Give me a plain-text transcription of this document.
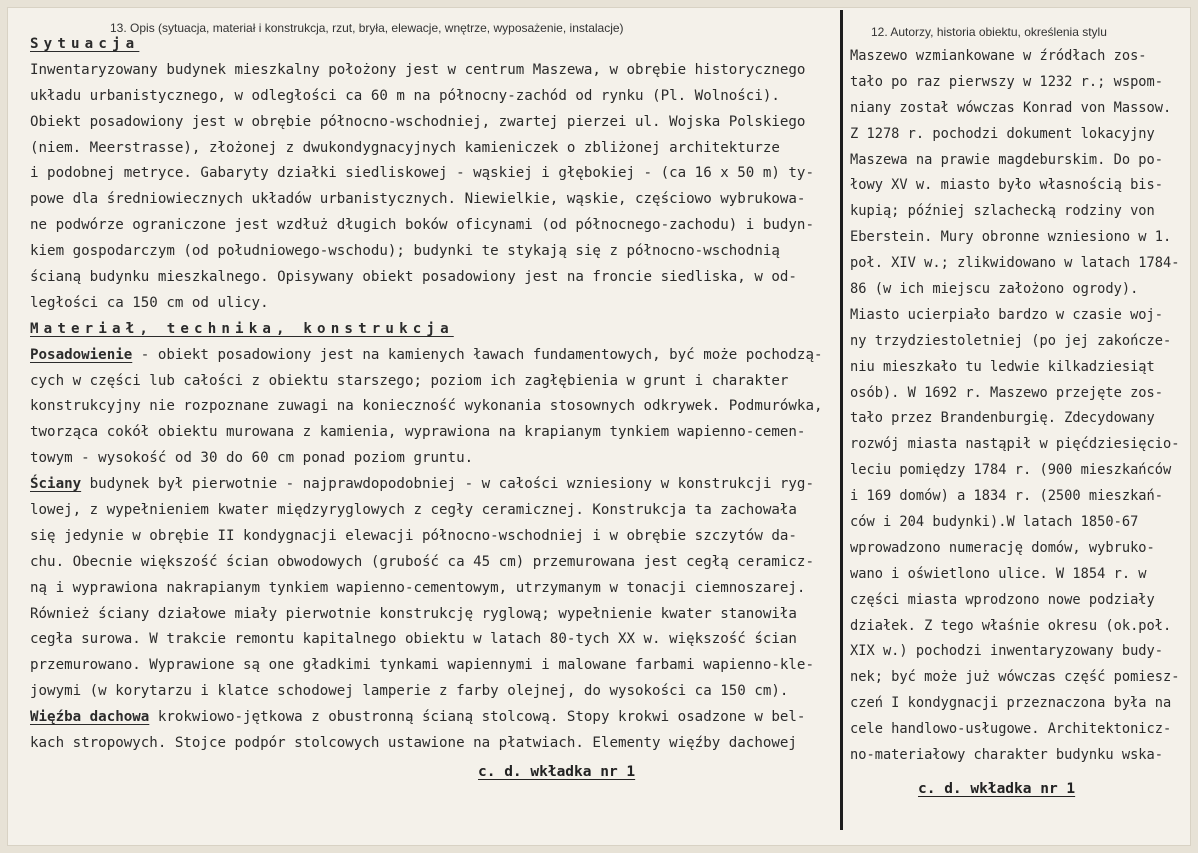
13. Opis (sytuacja, materiał i konstrukcja, rzut, bryła, elewacje, wnętrze, wyposażenie, instalacje)
Sytuacja
Inwentaryzowany budynek mieszkalny położony jest w centrum Maszewa, w obrębie historycznego
układu urbanistycznego, w odległości ca 60 m na północny-zachód od rynku (Pl. Wolności).
Obiekt posadowiony jest w obrębie północno-wschodniej, zwartej pierzei ul. Wojska Polskiego
(niem. Meerstrasse), złożonej z dwukondygnacyjnych kamieniczek o zbliżonej architekturze
i podobnej metryce. Gabaryty działki siedliskowej - wąskiej i głębokiej - (ca 16 x 50 m) ty-
powe dla średniowiecznych układów urbanistycznych. Niewielkie, wąskie, częściowo wybrukowa-
ne podwórze ograniczone jest wzdłuż długich boków oficynami (od północnego-zachodu) i budyn-
kiem gospodarczym (od południowego-wschodu); budynki te stykają się z północno-wschodnią
ścianą budynku mieszkalnego. Opisywany obiekt posadowiony jest na froncie siedliska, w od-
ległości ca 150 cm od ulicy.
Materiał, technika, konstrukcja
Posadowienie - obiekt posadowiony jest na kamienych ławach fundamentowych, być może pochodzą-
cych w części lub całości z obiektu starszego; poziom ich zagłębienia w grunt i charakter
konstrukcyjny nie rozpoznane zuwagi na konieczność wykonania stosownych odkrywek. Podmurówka,
tworząca cokół obiektu murowana z kamienia, wyprawiona na krapianym tynkiem wapienno-cemen-
towym - wysokość od 30 do 60 cm ponad poziom gruntu.
Ściany budynek był pierwotnie - najprawdopodobniej - w całości wzniesiony w konstrukcji ryg-
lowej, z wypełnieniem kwater międzyryglowych z cegły ceramicznej. Konstrukcja ta zachowała
się jedynie w obrębie II kondygnacji elewacji północno-wschodniej i w obrębie szczytów da-
chu. Obecnie większość ścian obwodowych (grubość ca 45 cm) przemurowana jest cegłą ceramicz-
ną i wyprawiona nakrapianym tynkiem wapienno-cementowym, utrzymanym w tonacji ciemnoszarej.
Również ściany działowe miały pierwotnie konstrukcję ryglową; wypełnienie kwater stanowiła
cegła surowa. W trakcie remontu kapitalnego obiektu w latach 80-tych XX w. większość ścian
przemurowano. Wyprawione są one gładkimi tynkami wapiennymi i malowane farbami wapienno-kle-
jowymi (w korytarzu i klatce schodowej lamperie z farby olejnej, do wysokości ca 150 cm).
Więźba dachowa krokwiowo-jętkowa z obustronną ścianą stolcową. Stopy krokwi osadzone w bel-
kach stropowych. Stojce podpór stolcowych ustawione na płatwiach. Elementy więźby dachowej
c. d. wkładka nr 1
12. Autorzy, historia obiektu, określenia stylu
Maszewo wzmiankowane w źródłach zos-
tało po raz pierwszy w 1232 r.; wspom-
niany został wówczas Konrad von Massow.
Z 1278 r. pochodzi dokument lokacyjny
Maszewa na prawie magdeburskim. Do po-
łowy XV w. miasto było własnością bis-
kupią; później szlachecką rodziny von
Eberstein. Mury obronne wzniesiono w 1.
poł. XIV w.; zlikwidowano w latach 1784-
86 (w ich miejscu założono ogrody).
Miasto ucierpiało bardzo w czasie woj-
ny trzydziestoletniej (po jej zakończe-
niu mieszkało tu ledwie kilkadziesiąt
osób). W 1692 r. Maszewo przejęte zos-
tało przez Brandenburgię. Zdecydowany
rozwój miasta nastąpił w pięćdziesięcio-
leciu pomiędzy 1784 r. (900 mieszkańców
i 169 domów) a 1834 r. (2500 mieszkań-
ców i 204 budynki).W latach 1850-67
wprowadzono numerację domów, wybruko-
wano i oświetlono ulice. W 1854 r. w
części miasta wprodzono nowe podziały
działek. Z tego właśnie okresu (ok.poł.
XIX w.) pochodzi inwentaryzowany budy-
nek; być może już wówczas część pomiesz-
czeń I kondygnacji przeznaczona była na
cele handlowo-usługowe. Architektonicz-
no-materiałowy charakter budynku wska-
c. d. wkładka nr 1
